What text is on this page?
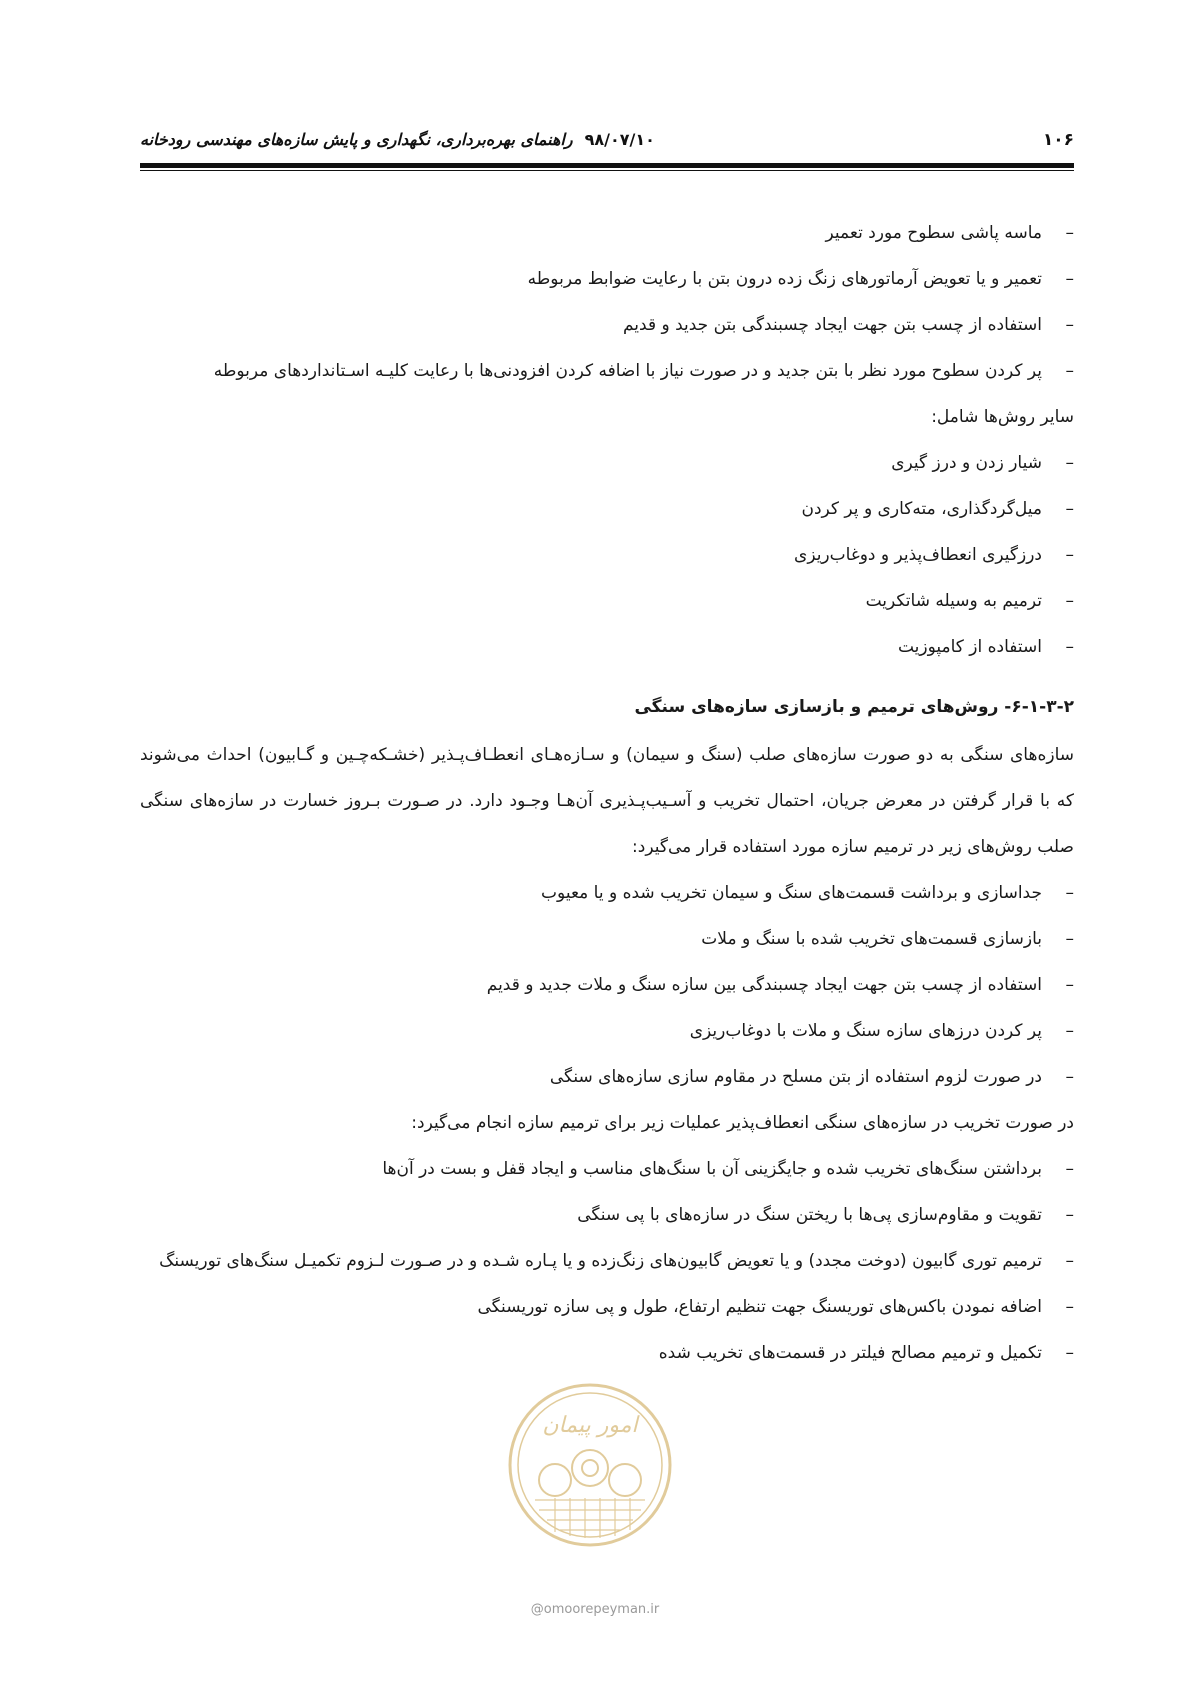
۱۰۶
۹۸/۰۷/۱۰راهنمای بهره‌برداری، نگهداری و پایش سازه‌های مهندسی رودخانه
–
ماسه پاشی سطوح مورد تعمیر
–
تعمیر و یا تعویض آرماتورهای زنگ زده درون بتن با رعایت ضوابط مربوطه
–
استفاده از چسب بتن جهت ایجاد چسبندگی بتن جدید و قدیم
–
پر کردن سطوح مورد نظر با بتن جدید و در صورت نیاز با اضافه کردن افزودنی‌ها با رعایت کلیـه اسـتانداردهای مربوطه

سایر روش‌ها شامل:

–
شیار زدن و درز گیری
–
میل‌گردگذاری، مته‌کاری و پر کردن
–
درزگیری انعطاف‌پذیر و دوغاب‌ریزی
–
ترمیم به وسیله شاتکریت
–
استفاده از کامپوزیت
۶-۱-۳-۲- روش‌های ترمیم و بازسازی سازه‌های سنگی
سازه‌های سنگی به دو صورت سازه‌های صلب (سنگ و سیمان) و سـازه‌هـای انعطـاف‌پـذیر (خشـکه‌چـین و گـابیون) احداث می‌شوند که با قرار گرفتن در معرض جریان، احتمال تخریب و آسـیب‌پـذیری آن‌هـا وجـود دارد. در صـورت بـروز خسارت در سازه‌های سنگی صلب روش‌های زیر در ترمیم سازه مورد استفاده قرار می‌گیرد:
–
جداسازی و برداشت قسمت‌های سنگ و سیمان تخریب شده و یا معیوب
–
بازسازی قسمت‌های تخریب شده با سنگ و ملات
–
استفاده از چسب بتن جهت ایجاد چسبندگی بین سازه سنگ و ملات جدید و قدیم
–
پر کردن درزهای سازه سنگ و ملات با دوغاب‌ریزی
–
در صورت لزوم استفاده از بتن مسلح در مقاوم سازی سازه‌های سنگی

در صورت تخریب در سازه‌های سنگی انعطاف‌پذیر عملیات زیر برای ترمیم سازه انجام می‌گیرد:

–
برداشتن سنگ‌های تخریب شده و جایگزینی آن با سنگ‌های مناسب و ایجاد قفل و بست در آن‌ها
–
تقویت و مقاوم‌سازی پی‌ها با ریختن سنگ در سازه‌های با پی سنگی
–
ترمیم توری گابیون (دوخت مجدد) و یا تعویض گابیون‌های زنگ‌زده و یا پـاره شـده و در صـورت لـزوم تکمیـل سنگ‌های توریسنگ
–
اضافه نمودن باکس‌های توریسنگ جهت تنظیم ارتفاع، طول و پی سازه توریسنگی
–
تکمیل و ترمیم مصالح فیلتر در قسمت‌های تخریب شده
امور پیمان
@omoorepeyman.ir
